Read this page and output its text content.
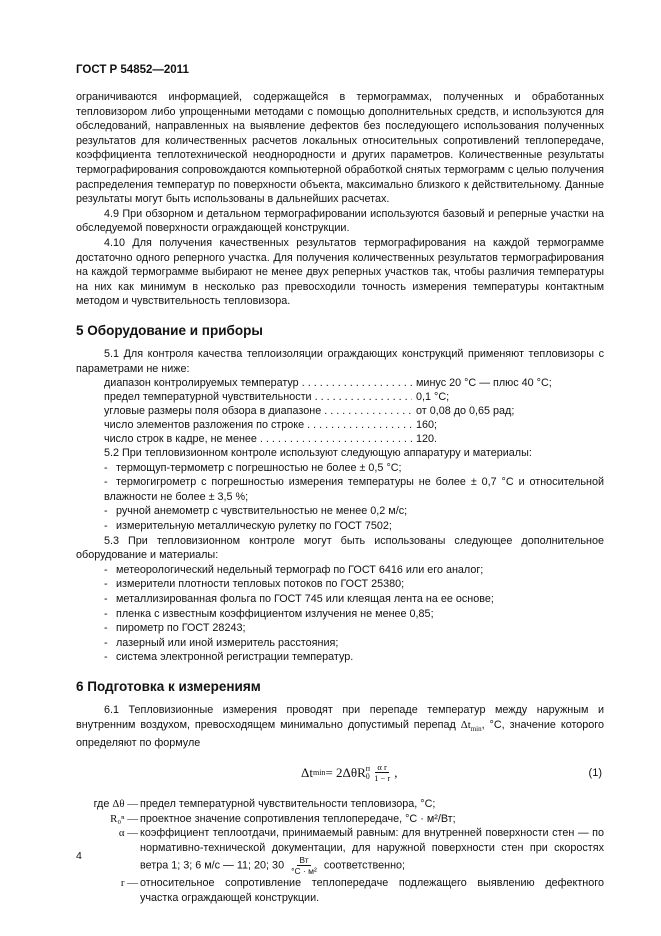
ГОСТ Р 54852—2011

ограничиваются информацией, содержащейся в термограммах, полученных и обработанных тепловизором либо упрощенными методами с помощью дополнительных средств, и используются для обследований, направленных на выявление дефектов без последующего использования полученных результатов для количественных расчетов локальных относительных сопротивлений теплопередаче, коэффициента теплотехнической неоднородности и других параметров. Количественные результаты термографирования сопровождаются компьютерной обработкой снятых термограмм с целью получения распределения температур по поверхности объекта, максимально близкого к действительному. Данные результаты могут быть использованы в дальнейших расчетах.

4.9 При обзорном и детальном термографировании используются базовый и реперные участки на обследуемой поверхности ограждающей конструкции.

4.10 Для получения качественных результатов термографирования на каждой термограмме достаточно одного реперного участка. Для получения количественных результатов термографирования на каждой термограмме выбирают не менее двух реперных участков так, чтобы различия температуры на них как минимум в несколько раз превосходили точность измерения температуры контактным методом и чувствительность тепловизора.

5 Оборудование и приборы

5.1 Для контроля качества теплоизоляции ограждающих конструкций применяют тепловизоры с параметрами не ниже:

диапазон контролируемых температур . . .	минус 20 °С — плюс 40 °С;
предел температурной чувствительности . . .	0,1 °С;
угловые размеры поля обзора в диапазоне . . .	от 0,08 до 0,65 рад;
число элементов разложения по строке . . .	160;
число строк в кадре, не менее . . .	120.

5.2 При тепловизионном контроле используют следующую аппаратуру и материалы:

- термощуп-термометр с погрешностью не более ± 0,5 °С;
- термогигрометр с погрешностью измерения температуры не более ± 0,7 °С и относительной влажности не более ± 3,5 %;
- ручной анемометр с чувствительностью не менее 0,2 м/с;
- измерительную металлическую рулетку по ГОСТ 7502;

5.3 При тепловизионном контроле могут быть использованы следующее дополнительное оборудование и материалы:

- метеорологический недельный термограф по ГОСТ 6416 или его аналог;
- измерители плотности тепловых потоков по ГОСТ 25380;
- металлизированная фольга по ГОСТ 745 или клеящая лента на ее основе;
- пленка с известным коэффициентом излучения не менее 0,85;
- пирометр по ГОСТ 28243;
- лазерный или иной измеритель расстояния;
- система электронной регистрации температур.
6 Подготовка к измерениям

6.1 Тепловизионные измерения проводят при перепаде температур между наружным и внутренним воздухом, превосходящем минимально допустимый перепад $\Delta t_{min}$, °С, значение которого определяют по формуле

Δt min = 2ΔθR п
$0 \frac{\text{α r}}{1 - r}$ ,	(1)
где Δθ — предел температурной чувствительности тепловизора, °С;
R₀ⁿ — проектное значение сопротивления теплопередаче, °С · м²/Вт;
α — коэффициент теплоотдачи, принимаемый равным: для внутренней поверхности стен — по нормативно-технической документации, для наружной поверхности стен при скоростях ветра 1; 3; 6 м/с — 11; 20; $30 \frac{Вт}{\text{°С · м²}}$ соответственно;
r — относительное сопротивление теплопередаче подлежащего выявлению дефектного участка ограждающей конструкции.
4
